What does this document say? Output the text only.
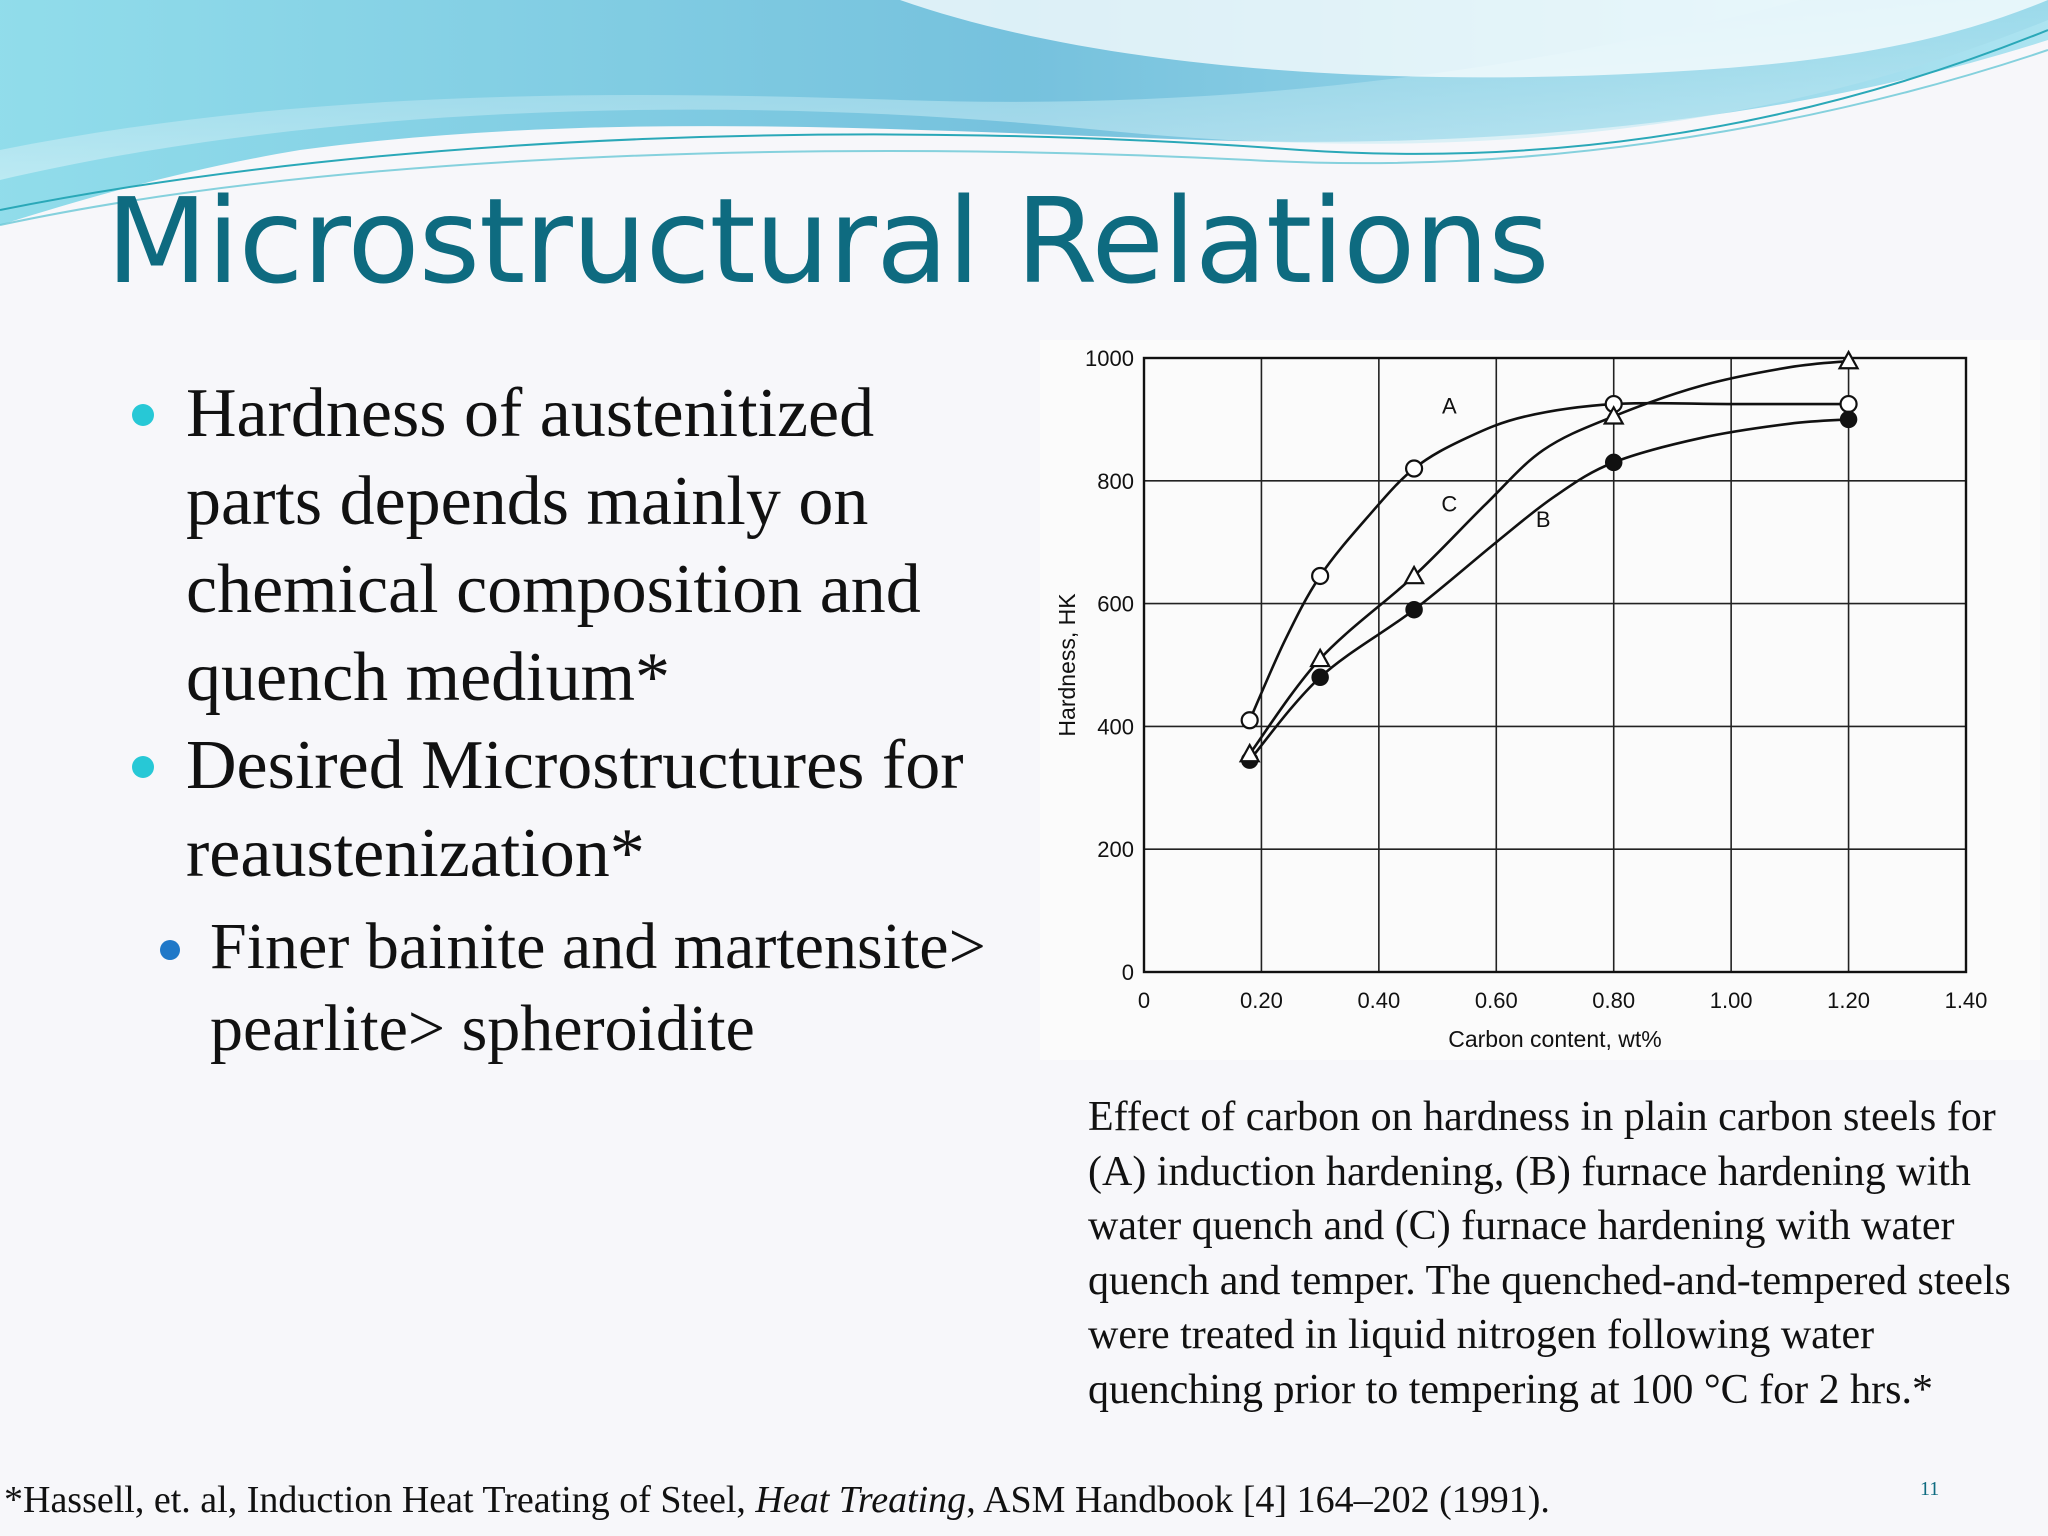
Microstructural Relations
Hardness of austenitized parts depends mainly on chemical composition and quench medium*
Desired Microstructures for reaustenization*
Finer bainite and martensite> pearlite> spheroidite	0	0.20	0.40	0.60	0.80	1.00	1.20	1.40
0
200
400
600
800
1000
Carbon content, wt%
Hardness, HK
A
C
B
Effect of carbon on hardness in plain carbon steels for (A) induction hardening, (B) furnace hardening with water quench and (C) furnace hardening with water quench and temper. The quenched-and-tempered steels were treated in liquid nitrogen following water quenching prior to tempering at 100 °C for 2 hrs.*
*Hassell, et. al, Induction Heat Treating of Steel, Heat Treating, ASM Handbook [4] 164–202 (1991).	11
